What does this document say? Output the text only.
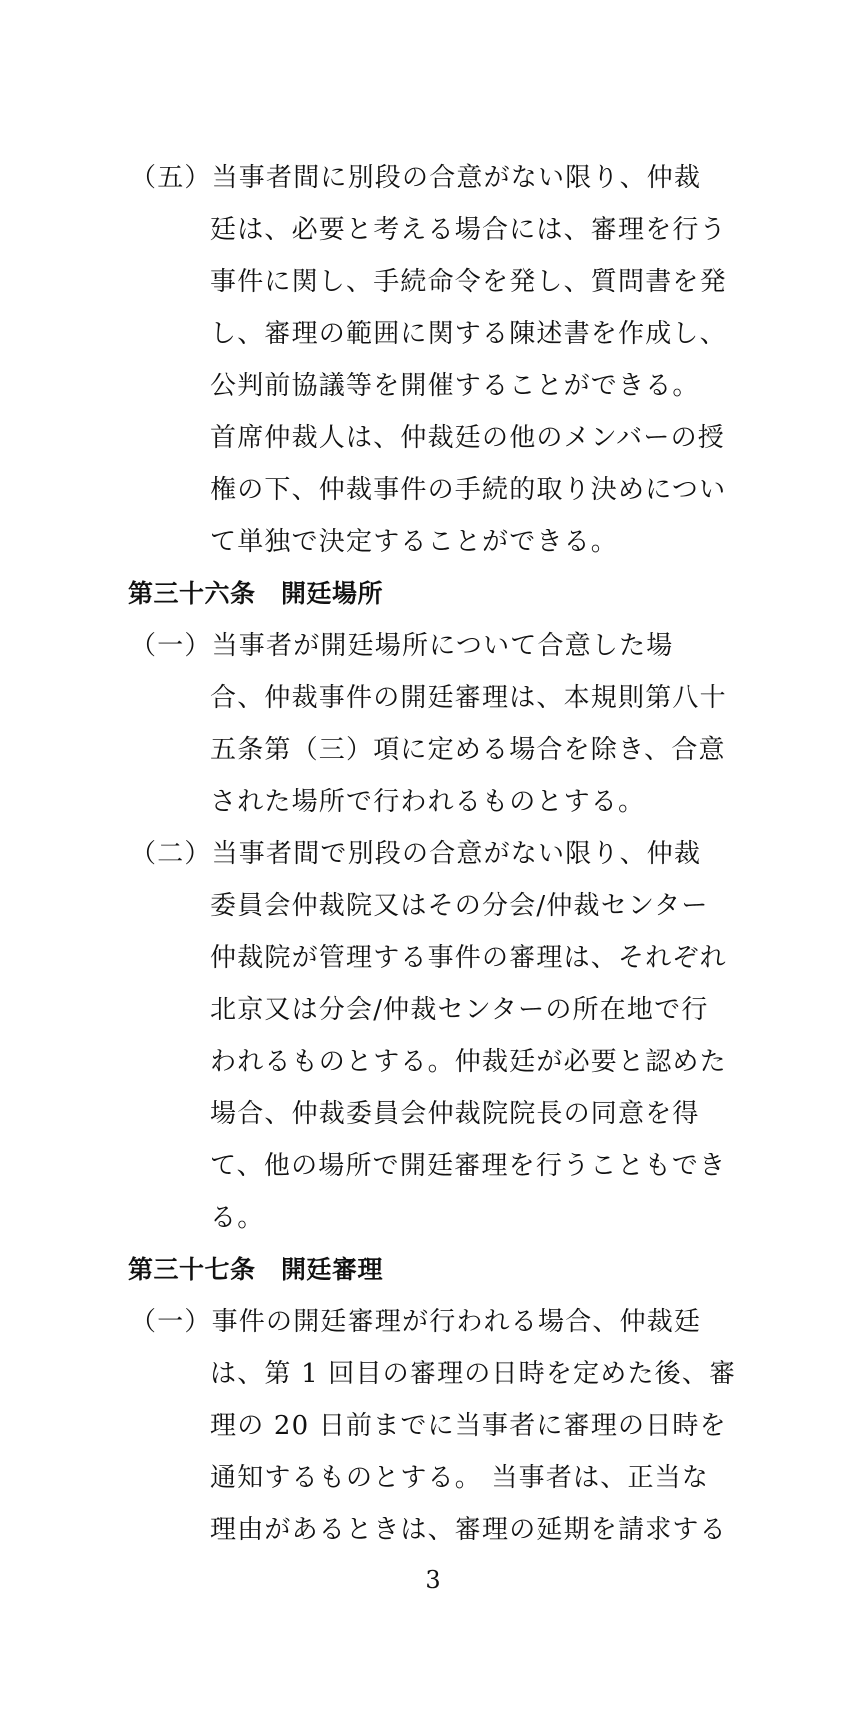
（五）当事者間に別段の合意がない限り、仲裁
廷は、必要と考える場合には、審理を行う
事件に関し、手続命令を発し、質問書を発
し、審理の範囲に関する陳述書を作成し、
公判前協議等を開催することができる。
首席仲裁人は、仲裁廷の他のメンバーの授
権の下、仲裁事件の手続的取り決めについ
て単独で決定することができる。
第三十六条　開廷場所
（一）当事者が開廷場所について合意した場
合、仲裁事件の開廷審理は、本規則第八十
五条第（三）項に定める場合を除き、合意
された場所で行われるものとする。
（二）当事者間で別段の合意がない限り、仲裁
委員会仲裁院又はその分会/仲裁センター
仲裁院が管理する事件の審理は、それぞれ
北京又は分会/仲裁センターの所在地で行
われるものとする。仲裁廷が必要と認めた
場合、仲裁委員会仲裁院院長の同意を得
て、他の場所で開廷審理を行うこともでき
る。
第三十七条　開廷審理
（一）事件の開廷審理が行われる場合、仲裁廷
は、第 1 回目の審理の日時を定めた後、審
理の 20 日前までに当事者に審理の日時を
通知するものとする。 当事者は、正当な
理由があるときは、審理の延期を請求する
3
